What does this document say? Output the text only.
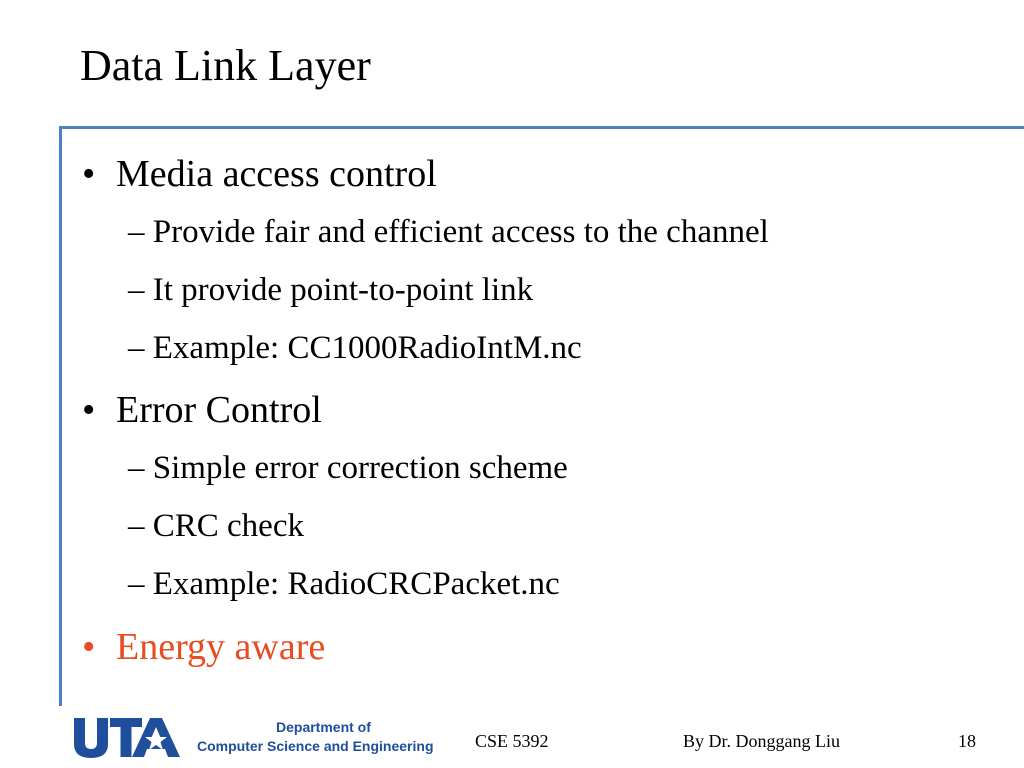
Data Link Layer
• Media access control
– Provide fair and efficient access to the channel
– It provide point-to-point link
– Example: CC1000RadioIntM.nc
• Error Control
– Simple error correction scheme
– CRC check
– Example: RadioCRCPacket.nc
• Energy aware
Department of
Computer Science and Engineering CSE 5392	By Dr. Donggang Liu	18
